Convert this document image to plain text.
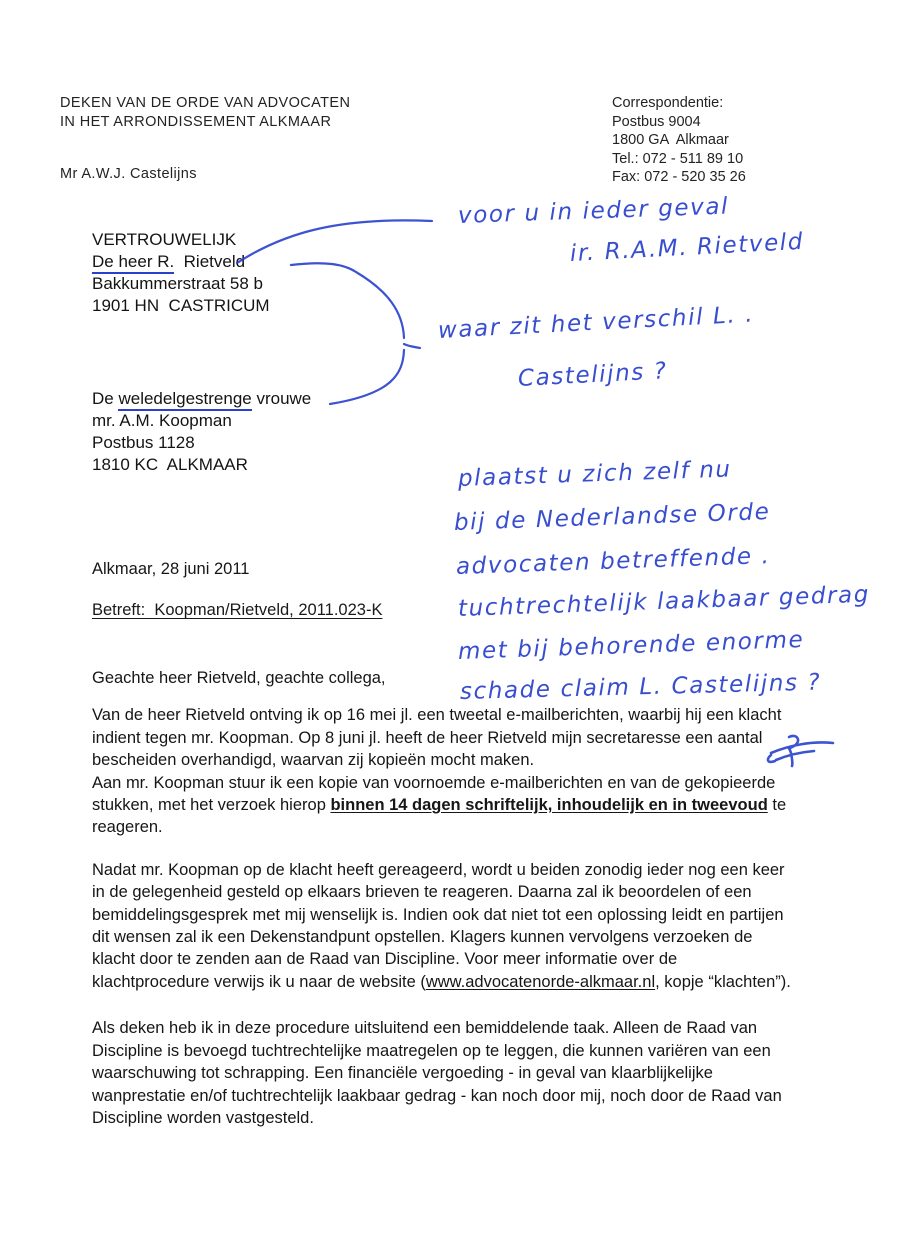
DEKEN VAN DE ORDE VAN ADVOCATEN
IN HET ARRONDISSEMENT ALKMAAR
Mr A.W.J. Castelijns
Correspondentie:
Postbus 9004
1800 GA  Alkmaar
Tel.: 072 - 511 89 10
Fax: 072 - 520 35 26
VERTROUWELIJK
De heer R.  Rietveld
Bakkummerstraat 58 b
1901 HN  CASTRICUM
De weledelgestrenge vrouwe
mr. A.M. Koopman
Postbus 1128
1810 KC  ALKMAAR
Alkmaar, 28 juni 2011
Betreft:  Koopman/Rietveld, 2011.023-K

Geachte heer Rietveld, geachte collega,

Van de heer Rietveld ontving ik op 16 mei jl. een tweetal e-mailberichten, waarbij hij een klacht indient tegen mr. Koopman. Op 8 juni jl. heeft de heer Rietveld mijn secretaresse een aantal bescheiden overhandigd, waarvan zij kopieën mocht maken.
Aan mr. Koopman stuur ik een kopie van voornoemde e-mailberichten en van de gekopieerde stukken, met het verzoek hierop binnen 14 dagen schriftelijk, inhoudelijk en in tweevoud te reageren.

Nadat mr. Koopman op de klacht heeft gereageerd, wordt u beiden zonodig ieder nog een keer in de gelegenheid gesteld op elkaars brieven te reageren. Daarna zal ik beoordelen of een bemiddelingsgesprek met mij wenselijk is. Indien ook dat niet tot een oplossing leidt en partijen dit wensen zal ik een Dekenstandpunt opstellen. Klagers kunnen vervolgens verzoeken de klacht door te zenden aan de Raad van Discipline. Voor meer informatie over de klachtprocedure verwijs ik u naar de website (www.advocatenorde-alkmaar.nl, kopje “klachten”).

Als deken heb ik in deze procedure uitsluitend een bemiddelende taak. Alleen de Raad van Discipline is bevoegd tuchtrechtelijke maatregelen op te leggen, die kunnen variëren van een waarschuwing tot schrapping. Een financiële vergoeding - in geval van klaarblijkelijke wanprestatie en/of tuchtrechtelijk laakbaar gedrag - kan noch door mij, noch door de Raad van Discipline worden vastgesteld.

voor u in ieder geval
ir. R.A.M. Rietveld
waar zit het verschil L. .
Castelijns ?
plaatst u zich zelf nu
bij de Nederlandse Orde
advocaten betreffende .
tuchtrechtelijk laakbaar gedrag
met bij behorende enorme
schade claim L. Castelijns ?
